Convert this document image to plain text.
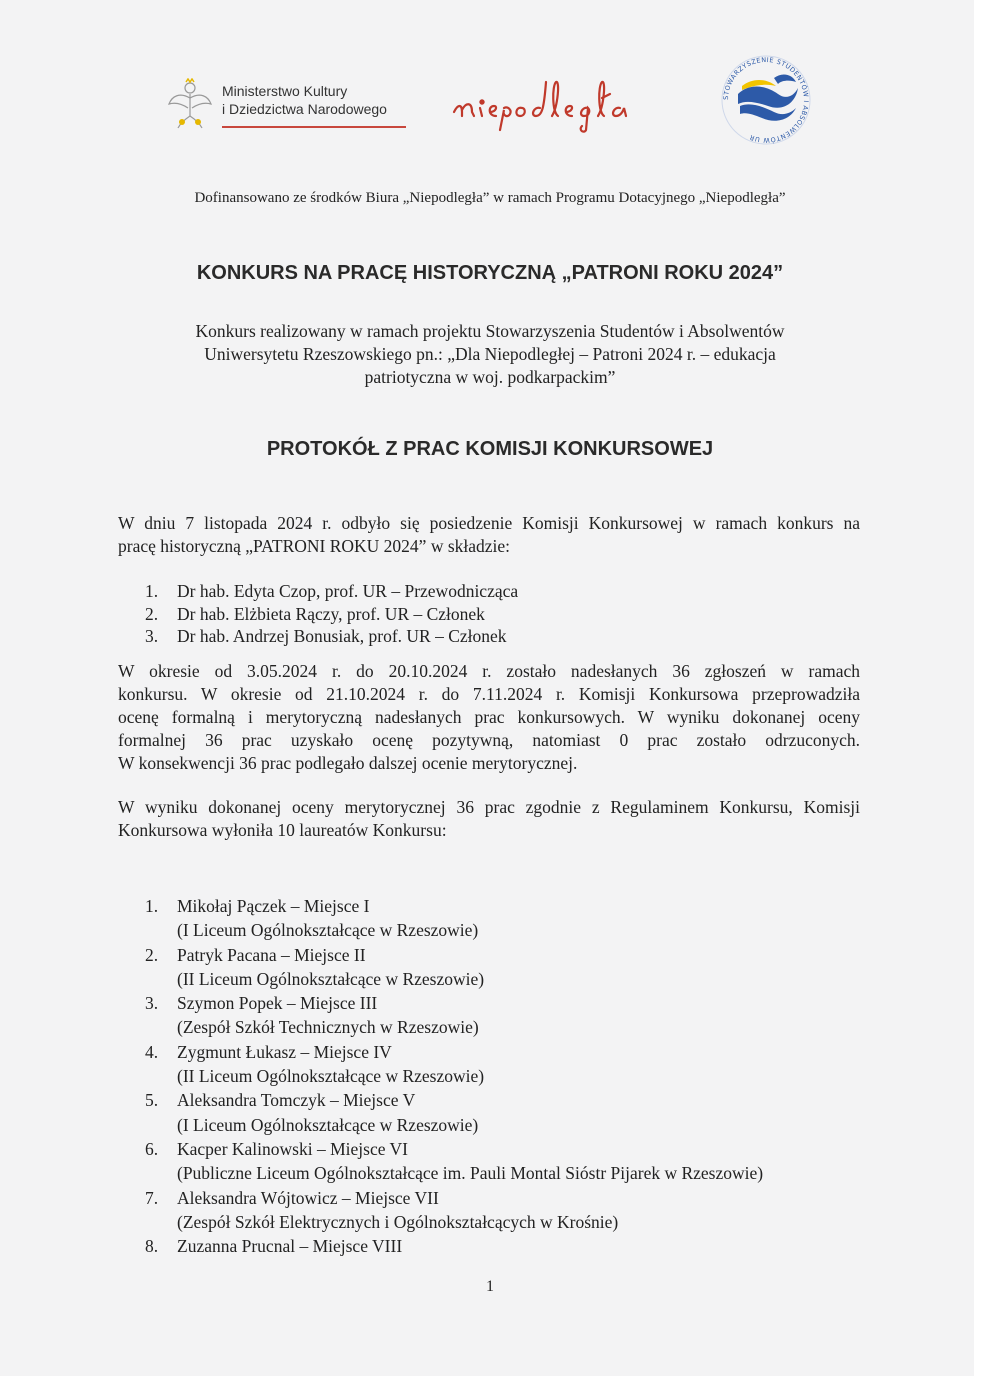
Ministerstwo Kultury
i Dziedzictwa Narodowego
STOWARZYSZENIE STUDENTÓW I ABSOLWENTÓW UR
Dofinansowano ze środków Biura „Niepodległa” w ramach Programu Dotacyjnego „Niepodległa”
KONKURS NA PRACĘ HISTORYCZNĄ „PATRONI ROKU 2024”
Konkurs realizowany w ramach projektu Stowarzyszenia Studentów i Absolwentów
Uniwersytetu Rzeszowskiego pn.: „Dla Niepodległej – Patroni 2024 r. – edukacja
patriotyczna w woj. podkarpackim”
PROTOKÓŁ Z PRAC KOMISJI KONKURSOWEJ
W dniu 7 listopada 2024 r. odbyło się posiedzenie Komisji Konkursowej w ramach konkurs na
pracę historyczną „PATRONI ROKU 2024” w składzie:
1.	Dr hab. Edyta Czop, prof. UR – Przewodnicząca
2.	Dr hab. Elżbieta Rączy, prof. UR – Członek
3.	Dr hab. Andrzej Bonusiak, prof. UR – Członek
W okresie od 3.05.2024 r. do 20.10.2024 r. zostało nadesłanych 36 zgłoszeń w ramach
konkursu. W okresie od 21.10.2024 r. do 7.11.2024 r. Komisji Konkursowa przeprowadziła
ocenę formalną i merytoryczną nadesłanych prac konkursowych. W wyniku dokonanej oceny
formalnej 36 prac uzyskało ocenę pozytywną, natomiast 0 prac zostało odrzuconych.
W konsekwencji 36 prac podlegało dalszej ocenie merytorycznej.
W wyniku dokonanej oceny merytorycznej 36 prac zgodnie z Regulaminem Konkursu, Komisji
Konkursowa wyłoniła 10 laureatów Konkursu:
1.	Mikołaj Pączek – Miejsce I
(I Liceum Ogólnokształcące w Rzeszowie)
2.	Patryk Pacana – Miejsce II
(II Liceum Ogólnokształcące w Rzeszowie)
3.	Szymon Popek – Miejsce III
(Zespół Szkół Technicznych w Rzeszowie)
4.	Zygmunt Łukasz – Miejsce IV
(II Liceum Ogólnokształcące w Rzeszowie)
5.	Aleksandra Tomczyk – Miejsce V
(I Liceum Ogólnokształcące w Rzeszowie)
6.	Kacper Kalinowski – Miejsce VI
(Publiczne Liceum Ogólnokształcące im. Pauli Montal Sióstr Pijarek w Rzeszowie)
7.	Aleksandra Wójtowicz – Miejsce VII
(Zespół Szkół Elektrycznych i Ogólnokształcących w Krośnie)
8.	Zuzanna Prucnal – Miejsce VIII
1
